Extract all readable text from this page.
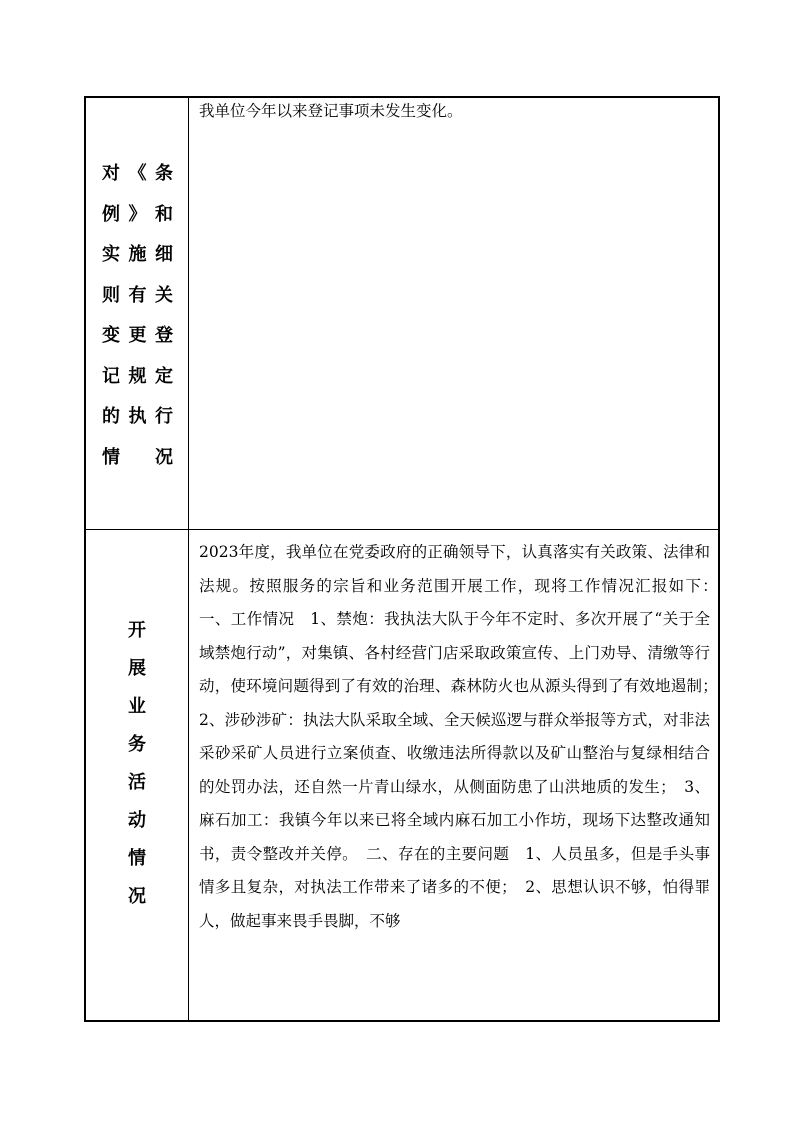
对《条例》和实施细则有关变更登记规定的执行情　况
我单位今年以来登记事项未发生变化。
开
展
业
务
活
动
情
况
2023年度，我单位在党委政府的正确领导下，认真落实有关政策、法律和法规。按照服务的宗旨和业务范围开展工作，现将工作情况汇报如下：　一、工作情况　1、禁炮：我执法大队于今年不定时、多次开展了“关于全域禁炮行动”，对集镇、各村经营门店采取政策宣传、上门劝导、清缴等行动，使环境问题得到了有效的治理、森林防火也从源头得到了有效地遏制；　2、涉砂涉矿：执法大队采取全域、全天候巡逻与群众举报等方式，对非法采砂采矿人员进行立案侦查、收缴违法所得款以及矿山整治与复绿相结合的处罚办法，还自然一片青山绿水，从侧面防患了山洪地质的发生；　3、麻石加工：我镇今年以来已将全域内麻石加工小作坊，现场下达整改通知书，责令整改并关停。　二、存在的主要问题　1、人员虽多，但是手头事情多且复杂，对执法工作带来了诸多的不便；　2、思想认识不够，怕得罪人，做起事来畏手畏脚，不够
